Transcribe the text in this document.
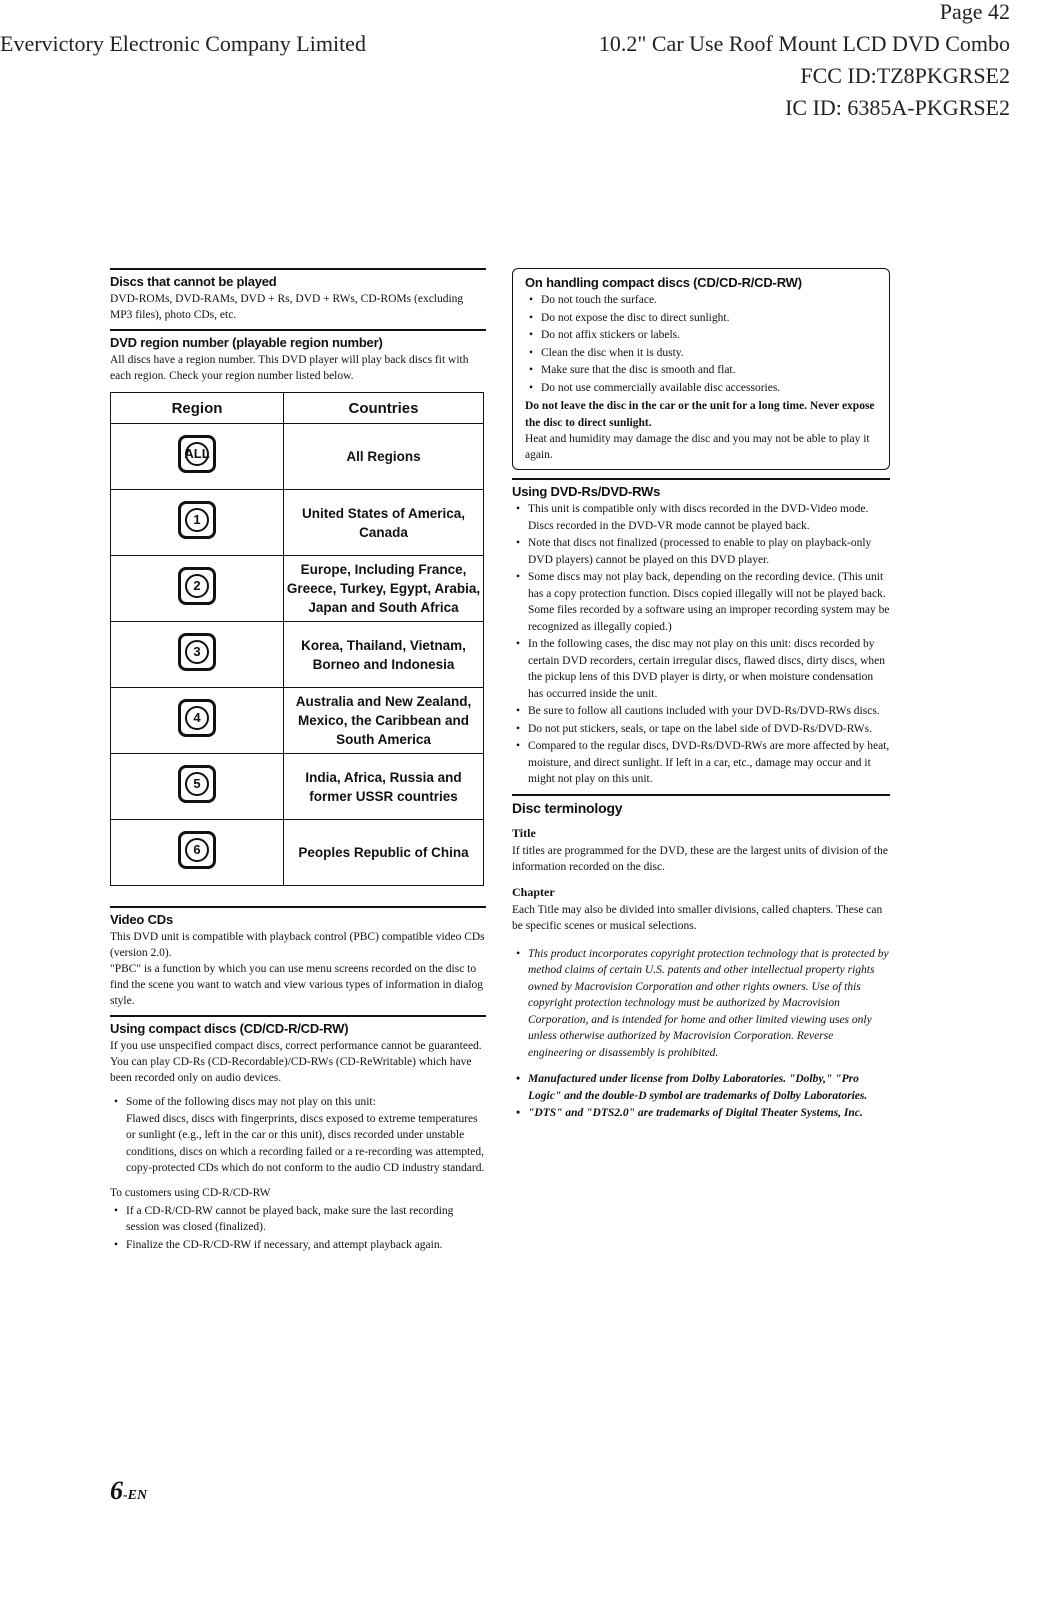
Page 42
Evervictory Electronic Company Limited	10.2" Car Use Roof Mount LCD DVD Combo
FCC ID:TZ8PKGRSE2
IC ID: 6385A-PKGRSE2
Discs that cannot be played

DVD-ROMs, DVD-RAMs, DVD + Rs, DVD + RWs, CD-ROMs (excluding MP3 files), photo CDs, etc.

DVD region number (playable region number)

All discs have a region number. This DVD player will play back discs fit with each region. Check your region number listed below.

Region	Countries

ALL	All Regions

1	United States of America, Canada

2	Europe, Including France, Greece, Turkey, Egypt, Arabia, Japan and South Africa

3	Korea, Thailand, Vietnam, Borneo and Indonesia

4	Australia and New Zealand, Mexico, the Caribbean and South America

5	India, Africa, Russia and former USSR countries

6	Peoples Republic of China
Video CDs

This DVD unit is compatible with playback control (PBC) compatible video CDs (version 2.0).

"PBC" is a function by which you can use menu screens recorded on the disc to find the scene you want to watch and view various types of information in dialog style.

Using compact discs (CD/CD-R/CD-RW)

If you use unspecified compact discs, correct performance cannot be guaranteed.

You can play CD-Rs (CD-Recordable)/CD-RWs (CD-ReWritable) which have been recorded only on audio devices.

• Some of the following discs may not play on this unit:
Flawed discs, discs with fingerprints, discs exposed to extreme temperatures or sunlight (e.g., left in the car or this unit), discs recorded under unstable conditions, discs on which a recording failed or a re-recording was attempted, copy-protected CDs which do not conform to the audio CD industry standard.

To customers using CD-R/CD-RW

• If a CD-R/CD-RW cannot be played back, make sure the last recording session was closed (finalized).
• Finalize the CD-R/CD-RW if necessary, and attempt playback again.
On handling compact discs (CD/CD-R/CD-RW)
• Do not touch the surface.
• Do not expose the disc to direct sunlight.
• Do not affix stickers or labels.
• Clean the disc when it is dusty.
• Make sure that the disc is smooth and flat.
• Do not use commercially available disc accessories.

Do not leave the disc in the car or the unit for a long time. Never expose the disc to direct sunlight.

Heat and humidity may damage the disc and you may not be able to play it again.

Using DVD-Rs/DVD-RWs
• This unit is compatible only with discs recorded in the DVD-Video mode. Discs recorded in the DVD-VR mode cannot be played back.
• Note that discs not finalized (processed to enable to play on playback-only DVD players) cannot be played on this DVD player.
• Some discs may not play back, depending on the recording device. (This unit has a copy protection function. Discs copied illegally will not be played back. Some files recorded by a software using an improper recording system may be recognized as illegally copied.)
• In the following cases, the disc may not play on this unit: discs recorded by certain DVD recorders, certain irregular discs, flawed discs, dirty discs, when the pickup lens of this DVD player is dirty, or when moisture condensation has occurred inside the unit.
• Be sure to follow all cautions included with your DVD-Rs/DVD-RWs discs.
• Do not put stickers, seals, or tape on the label side of DVD-Rs/DVD-RWs.
• Compared to the regular discs, DVD-Rs/DVD-RWs are more affected by heat, moisture, and direct sunlight. If left in a car, etc., damage may occur and it might not play on this unit.
Disc terminology
Title

If titles are programmed for the DVD, these are the largest units of division of the information recorded on the disc.

Chapter

Each Title may also be divided into smaller divisions, called chapters. These can be specific scenes or musical selections.

• This product incorporates copyright protection technology that is protected by method claims of certain U.S. patents and other intellectual property rights owned by Macrovision Corporation and other rights owners. Use of this copyright protection technology must be authorized by Macrovision Corporation, and is intended for home and other limited viewing uses only unless otherwise authorized by Macrovision Corporation. Reverse engineering or disassembly is prohibited.
• Manufactured under license from Dolby Laboratories. "Dolby," "Pro Logic" and the double-D symbol are trademarks of Dolby Laboratories.
• "DTS" and "DTS2.0" are trademarks of Digital Theater Systems, Inc.
6-EN
